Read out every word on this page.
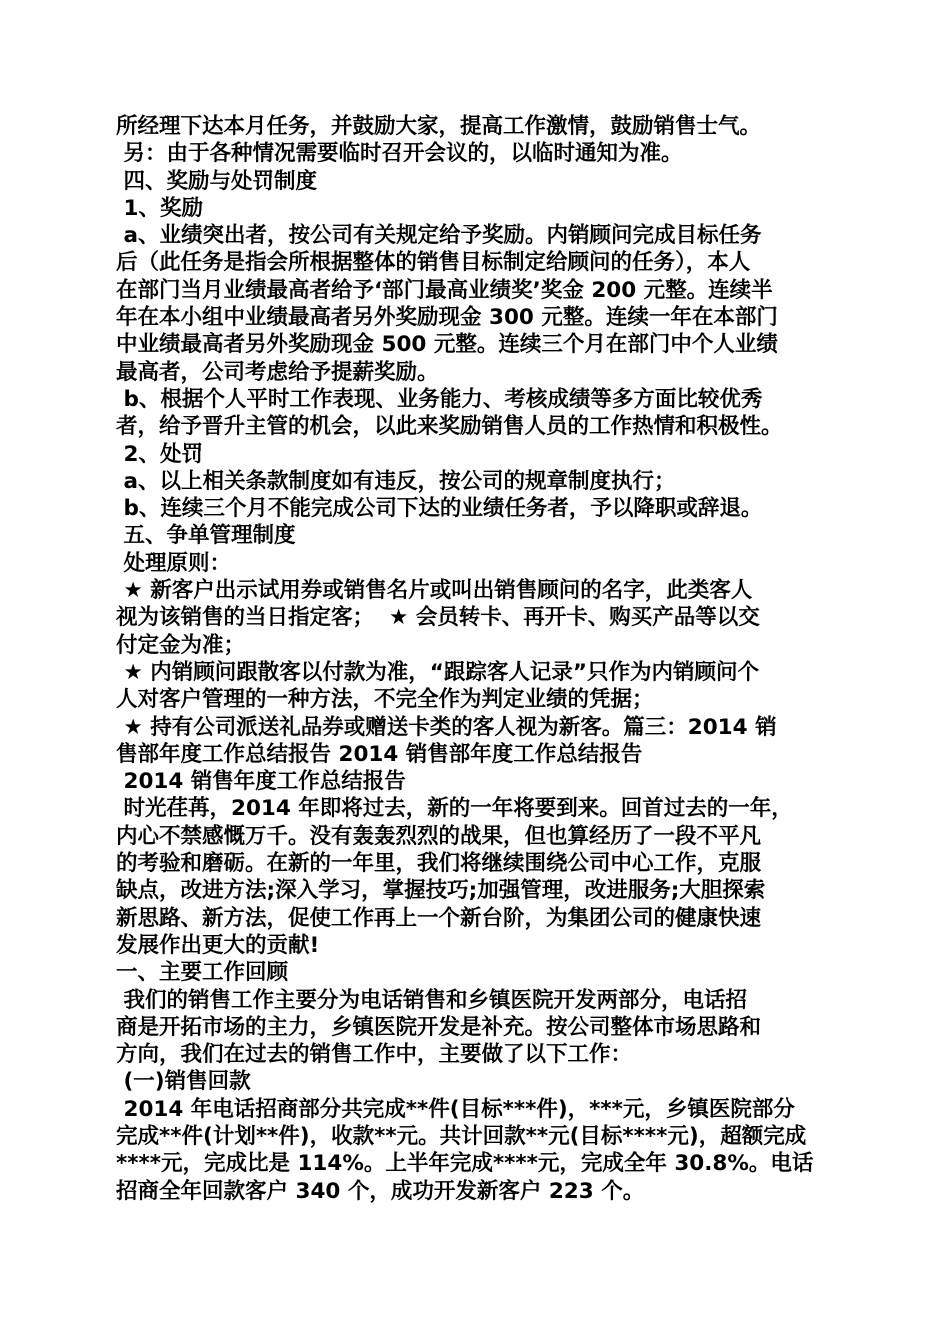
所经理下达本月任务，并鼓励大家，提高工作激情，鼓励销售士气。
另：由于各种情况需要临时召开会议的，以临时通知为准。
四、奖励与处罚制度
1、奖励
a、业绩突出者，按公司有关规定给予奖励。内销顾问完成目标任务
后（此任务是指会所根据整体的销售目标制定给顾问的任务），本人
在部门当月业绩最高者给予‘部门最高业绩奖’奖金 200 元整。连续半
年在本小组中业绩最高者另外奖励现金 300 元整。连续一年在本部门
中业绩最高者另外奖励现金 500 元整。连续三个月在部门中个人业绩
最高者，公司考虑给予提薪奖励。
b、根据个人平时工作表现、业务能力、考核成绩等多方面比较优秀
者，给予晋升主管的机会，以此来奖励销售人员的工作热情和积极性。
2、处罚
a、以上相关条款制度如有违反，按公司的规章制度执行；
b、连续三个月不能完成公司下达的业绩任务者，予以降职或辞退。
五、争单管理制度
处理原则：
★ 新客户出示试用券或销售名片或叫出销售顾问的名字，此类客人
视为该销售的当日指定客；  ★ 会员转卡、再开卡、购买产品等以交
付定金为准；
★ 内销顾问跟散客以付款为准，“跟踪客人记录”只作为内销顾问个
人对客户管理的一种方法，不完全作为判定业绩的凭据；
★ 持有公司派送礼品券或赠送卡类的客人视为新客。篇三：2014 销
售部年度工作总结报告 2014 销售部年度工作总结报告
2014 销售年度工作总结报告
时光荏苒，2014 年即将过去，新的一年将要到来。回首过去的一年，
内心不禁感慨万千。没有轰轰烈烈的战果，但也算经历了一段不平凡
的考验和磨砺。在新的一年里，我们将继续围绕公司中心工作，克服
缺点，改进方法;深入学习，掌握技巧;加强管理，改进服务;大胆探索
新思路、新方法，促使工作再上一个新台阶，为集团公司的健康快速
发展作出更大的贡献!
一、主要工作回顾
我们的销售工作主要分为电话销售和乡镇医院开发两部分，电话招
商是开拓市场的主力，乡镇医院开发是补充。按公司整体市场思路和
方向，我们在过去的销售工作中，主要做了以下工作：
(一)销售回款
2014 年电话招商部分共完成**件(目标***件)，***元，乡镇医院部分
完成**件(计划**件)，收款**元。共计回款**元(目标****元)，超额完成
****元，完成比是 114%。上半年完成****元，完成全年 30.8%。电话
招商全年回款客户 340 个，成功开发新客户 223 个。
